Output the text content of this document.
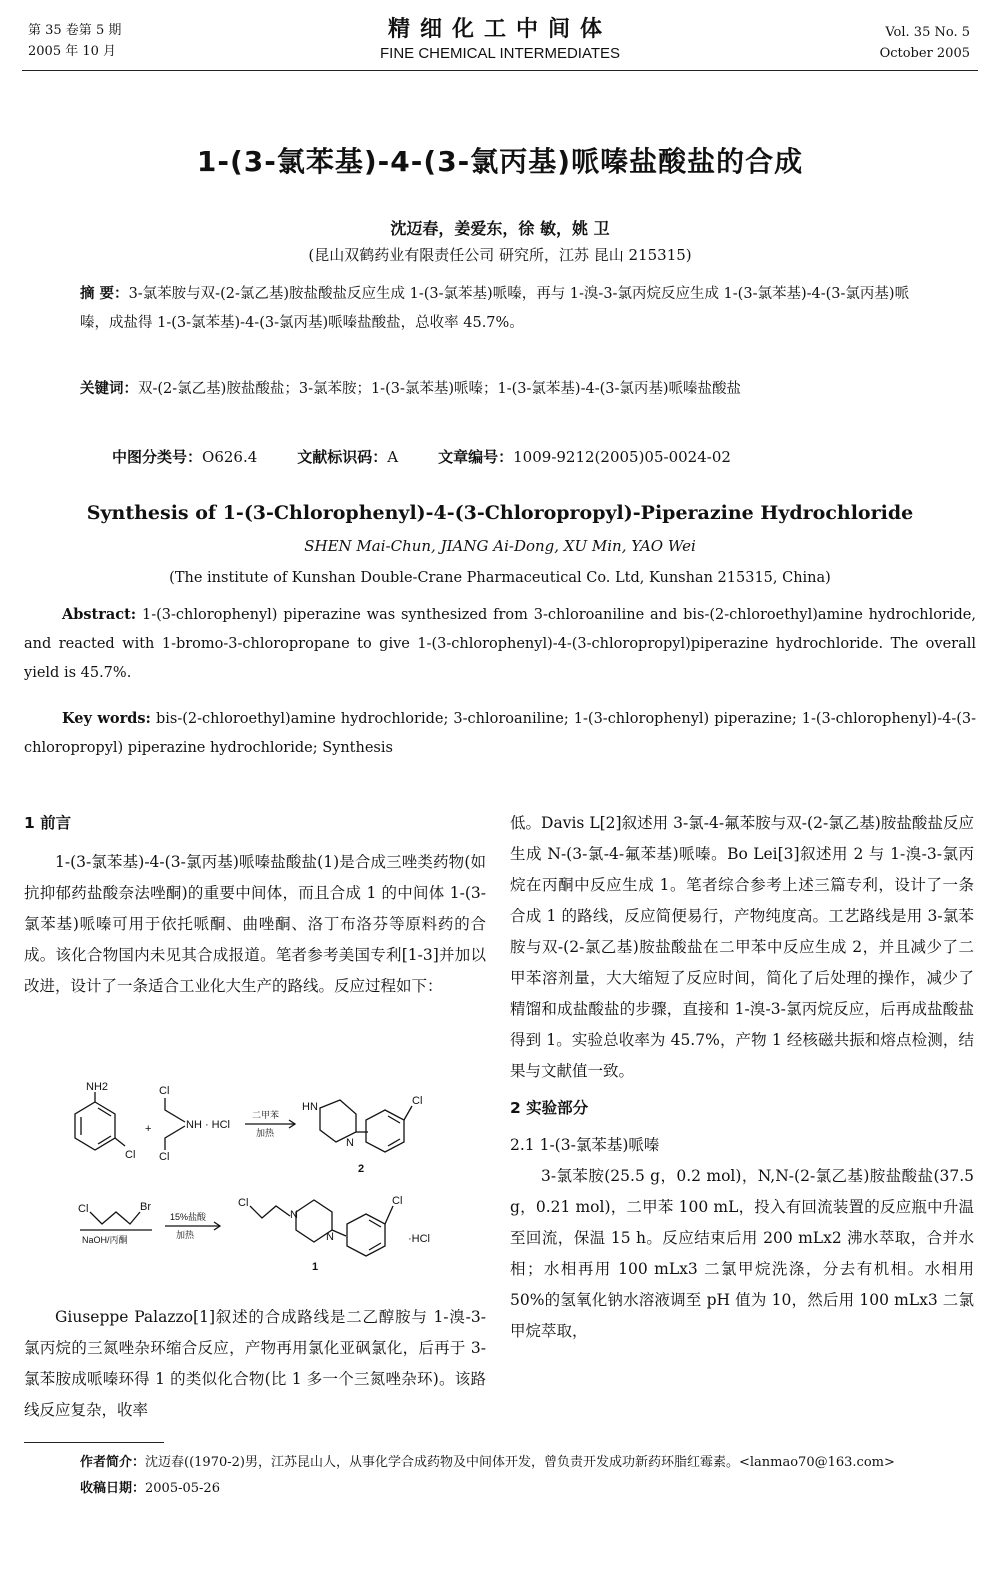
第 35 卷第 5 期
2005 年 10 月
精细化工中间体
FINE CHEMICAL INTERMEDIATES
Vol. 35 No. 5
October 2005
1-(3-氯苯基)-4-(3-氯丙基)哌嗪盐酸盐的合成
沈迈春，姜爱东，徐 敏，姚 卫
(昆山双鹤药业有限责任公司 研究所，江苏 昆山 215315)
摘 要：3-氯苯胺与双-(2-氯乙基)胺盐酸盐反应生成 1-(3-氯苯基)哌嗪，再与 1-溴-3-氯丙烷反应生成 1-(3-氯苯基)-4-(3-氯丙基)哌嗪，成盐得 1-(3-氯苯基)-4-(3-氯丙基)哌嗪盐酸盐，总收率 45.7%。
关键词：双-(2-氯乙基)胺盐酸盐；3-氯苯胺；1-(3-氯苯基)哌嗪；1-(3-氯苯基)-4-(3-氯丙基)哌嗪盐酸盐
中图分类号：O626.4	文献标识码：A	文章编号：1009-9212(2005)05-0024-02
Synthesis of 1-(3-Chlorophenyl)-4-(3-Chloropropyl)-Piperazine Hydrochloride
SHEN Mai-Chun, JIANG Ai-Dong, XU Min, YAO Wei
(The institute of Kunshan Double-Crane Pharmaceutical Co. Ltd, Kunshan 215315, China)
Abstract: 1-(3-chlorophenyl) piperazine was synthesized from 3-chloroaniline and bis-(2-chloroethyl)amine hydrochloride, and reacted with 1-bromo-3-chloropropane to give 1-(3-chlorophenyl)-4-(3-chloropropyl)piperazine hydrochloride. The overall yield is 45.7%.
Key words: bis-(2-chloroethyl)amine hydrochloride; 3-chloroaniline; 1-(3-chlorophenyl) piperazine; 1-(3-chlorophenyl)-4-(3-chloropropyl) piperazine hydrochloride; Synthesis
1 前言

1-(3-氯苯基)-4-(3-氯丙基)哌嗪盐酸盐(1)是合成三唑类药物(如抗抑郁药盐酸奈法唑酮)的重要中间体，而且合成 1 的中间体 1-(3-氯苯基)哌嗪可用于依托哌酮、曲唑酮、洛丁布洛芬等原料药的合成。该化合物国内未见其合成报道。笔者参考美国专利[1-3]并加以改进，设计了一条适合工业化大生产的路线。反应过程如下：

NH2
Cl
+
Cl
Cl
NH · HCl
二甲苯
加热
HN
N
Cl
2
Cl	Br
NaOH/丙酮
15%盐酸
加热
Cl
N
N
Cl
·HCl
1

Giuseppe Palazzo[1]叙述的合成路线是二乙醇胺与 1-溴-3-氯丙烷的三氮唑杂环缩合反应，产物再用氯化亚砜氯化，后再于 3-氯苯胺成哌嗪环得 1 的类似化合物(比 1 多一个三氮唑杂环)。该路线反应复杂，收率

低。Davis L[2]叙述用 3-氯-4-氟苯胺与双-(2-氯乙基)胺盐酸盐反应生成 N-(3-氯-4-氟苯基)哌嗪。Bo Lei[3]叙述用 2 与 1-溴-3-氯丙烷在丙酮中反应生成 1。笔者综合参考上述三篇专利，设计了一条合成 1 的路线，反应简便易行，产物纯度高。工艺路线是用 3-氯苯胺与双-(2-氯乙基)胺盐酸盐在二甲苯中反应生成 2，并且减少了二甲苯溶剂量，大大缩短了反应时间，简化了后处理的操作，减少了精馏和成盐酸盐的步骤，直接和 1-溴-3-氯丙烷反应，后再成盐酸盐得到 1。实验总收率为 45.7%，产物 1 经核磁共振和熔点检测，结果与文献值一致。

2 实验部分
2.1 1-(3-氯苯基)哌嗪

3-氯苯胺(25.5 g，0.2 mol)，N,N-(2-氯乙基)胺盐酸盐(37.5 g，0.21 mol)，二甲苯 100 mL，投入有回流装置的反应瓶中升温至回流，保温 15 h。反应结束后用 200 mLx2 沸水萃取，合并水相；水相再用 100 mLx3 二氯甲烷洗涤，分去有机相。水相用 50%的氢氧化钠水溶液调至 pH 值为 10，然后用 100 mLx3 二氯甲烷萃取，

作者简介：沈迈春((1970-2)男，江苏昆山人，从事化学合成药物及中间体开发，曾负责开发成功新药环脂红霉素。<lanmao70@163.com>
收稿日期：2005-05-26
